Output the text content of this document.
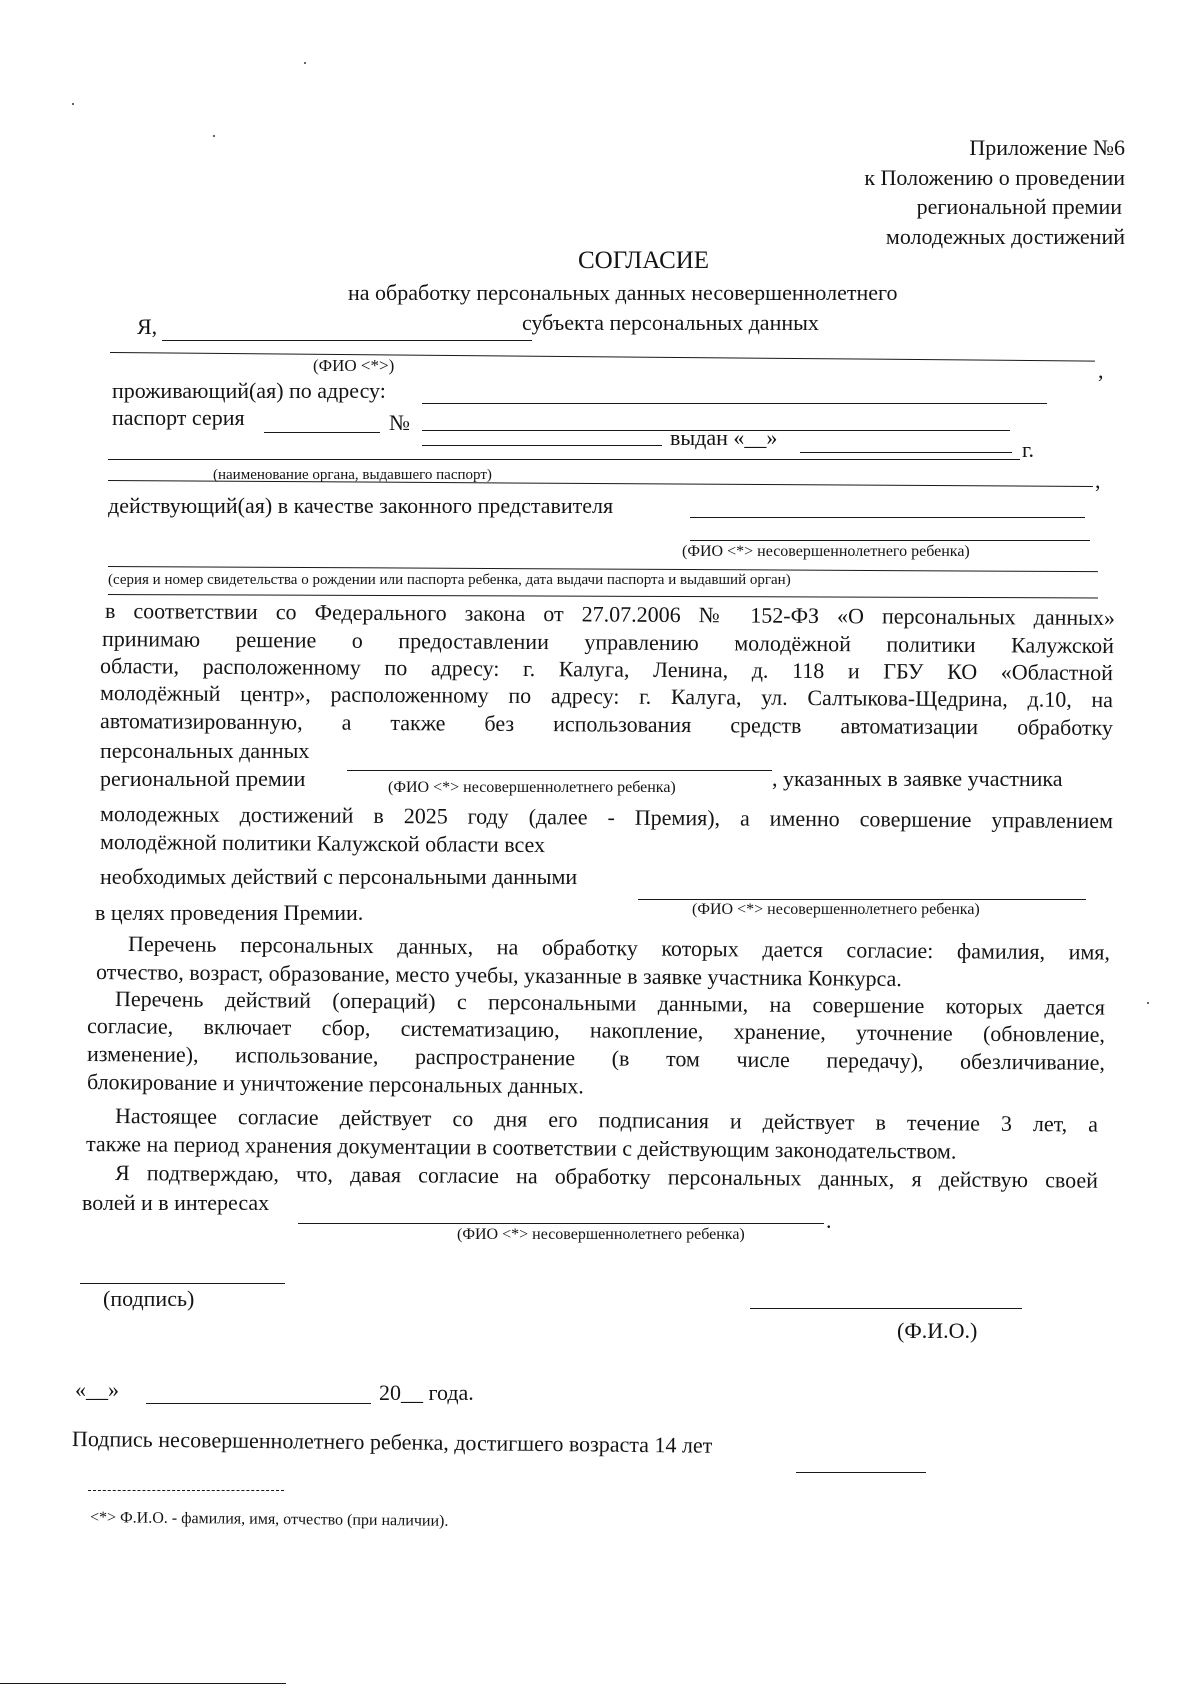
Приложение №6
к Положению о проведении
региональной премии
молодежных достижений
СОГЛАСИЕ
на обработку персональных данных несовершеннолетнего
субъекта персональных данных
Я,
,
(ФИО <*>)
проживающий(ая) по адресу:
паспорт серия	№
выдан «__»	г.
,
(наименование органа, выдавшего паспорт)
действующий(ая) в качестве законного представителя
(ФИО <*> несовершеннолетнего ребенка)
(серия и номер свидетельства о рождении или паспорта ребенка, дата выдачи паспорта и выдавший орган)
в соответствии со Федерального закона от 27.07.2006 № 152-ФЗ «О персональных данных»
принимаю решение о предоставлении управлению молодёжной политики Калужской
области, расположенному по адресу: г. Калуга, Ленина, д. 118 и ГБУ КО «Областной
молодёжный центр», расположенному по адресу: г. Калуга, ул. Салтыкова-Щедрина, д.10, на
автоматизированную, а также без использования средств автоматизации обработку
персональных данных
региональной премии	(ФИО <*> несовершеннолетнего ребенка)	, указанных в заявке участника
молодежных достижений в 2025 году (далее - Премия), а именно совершение управлением
молодёжной политики Калужской области всех
необходимых действий с персональными данными
в целях проведения Премии.	(ФИО <*> несовершеннолетнего ребенка)
Перечень персональных данных, на обработку которых дается согласие: фамилия, имя,
отчество, возраст, образование, место учебы, указанные в заявке участника Конкурса.
Перечень действий (операций) с персональными данными, на совершение которых дается
согласие, включает сбор, систематизацию, накопление, хранение, уточнение (обновление,
изменение), использование, распространение (в том числе передачу), обезличивание,
блокирование и уничтожение персональных данных.
Настоящее согласие действует со дня его подписания и действует в течение 3 лет, а
также на период хранения документации в соответствии с действующим законодательством.
Я подтверждаю, что, давая согласие на обработку персональных данных, я действую своей
волей и в интересах
.
(ФИО <*> несовершеннолетнего ребенка)
(подпись)
(Ф.И.О.)
«__»	20__ года.
Подпись несовершеннолетнего ребенка, достигшего возраста 14 лет
<*> Ф.И.О. - фамилия, имя, отчество (при наличии).
